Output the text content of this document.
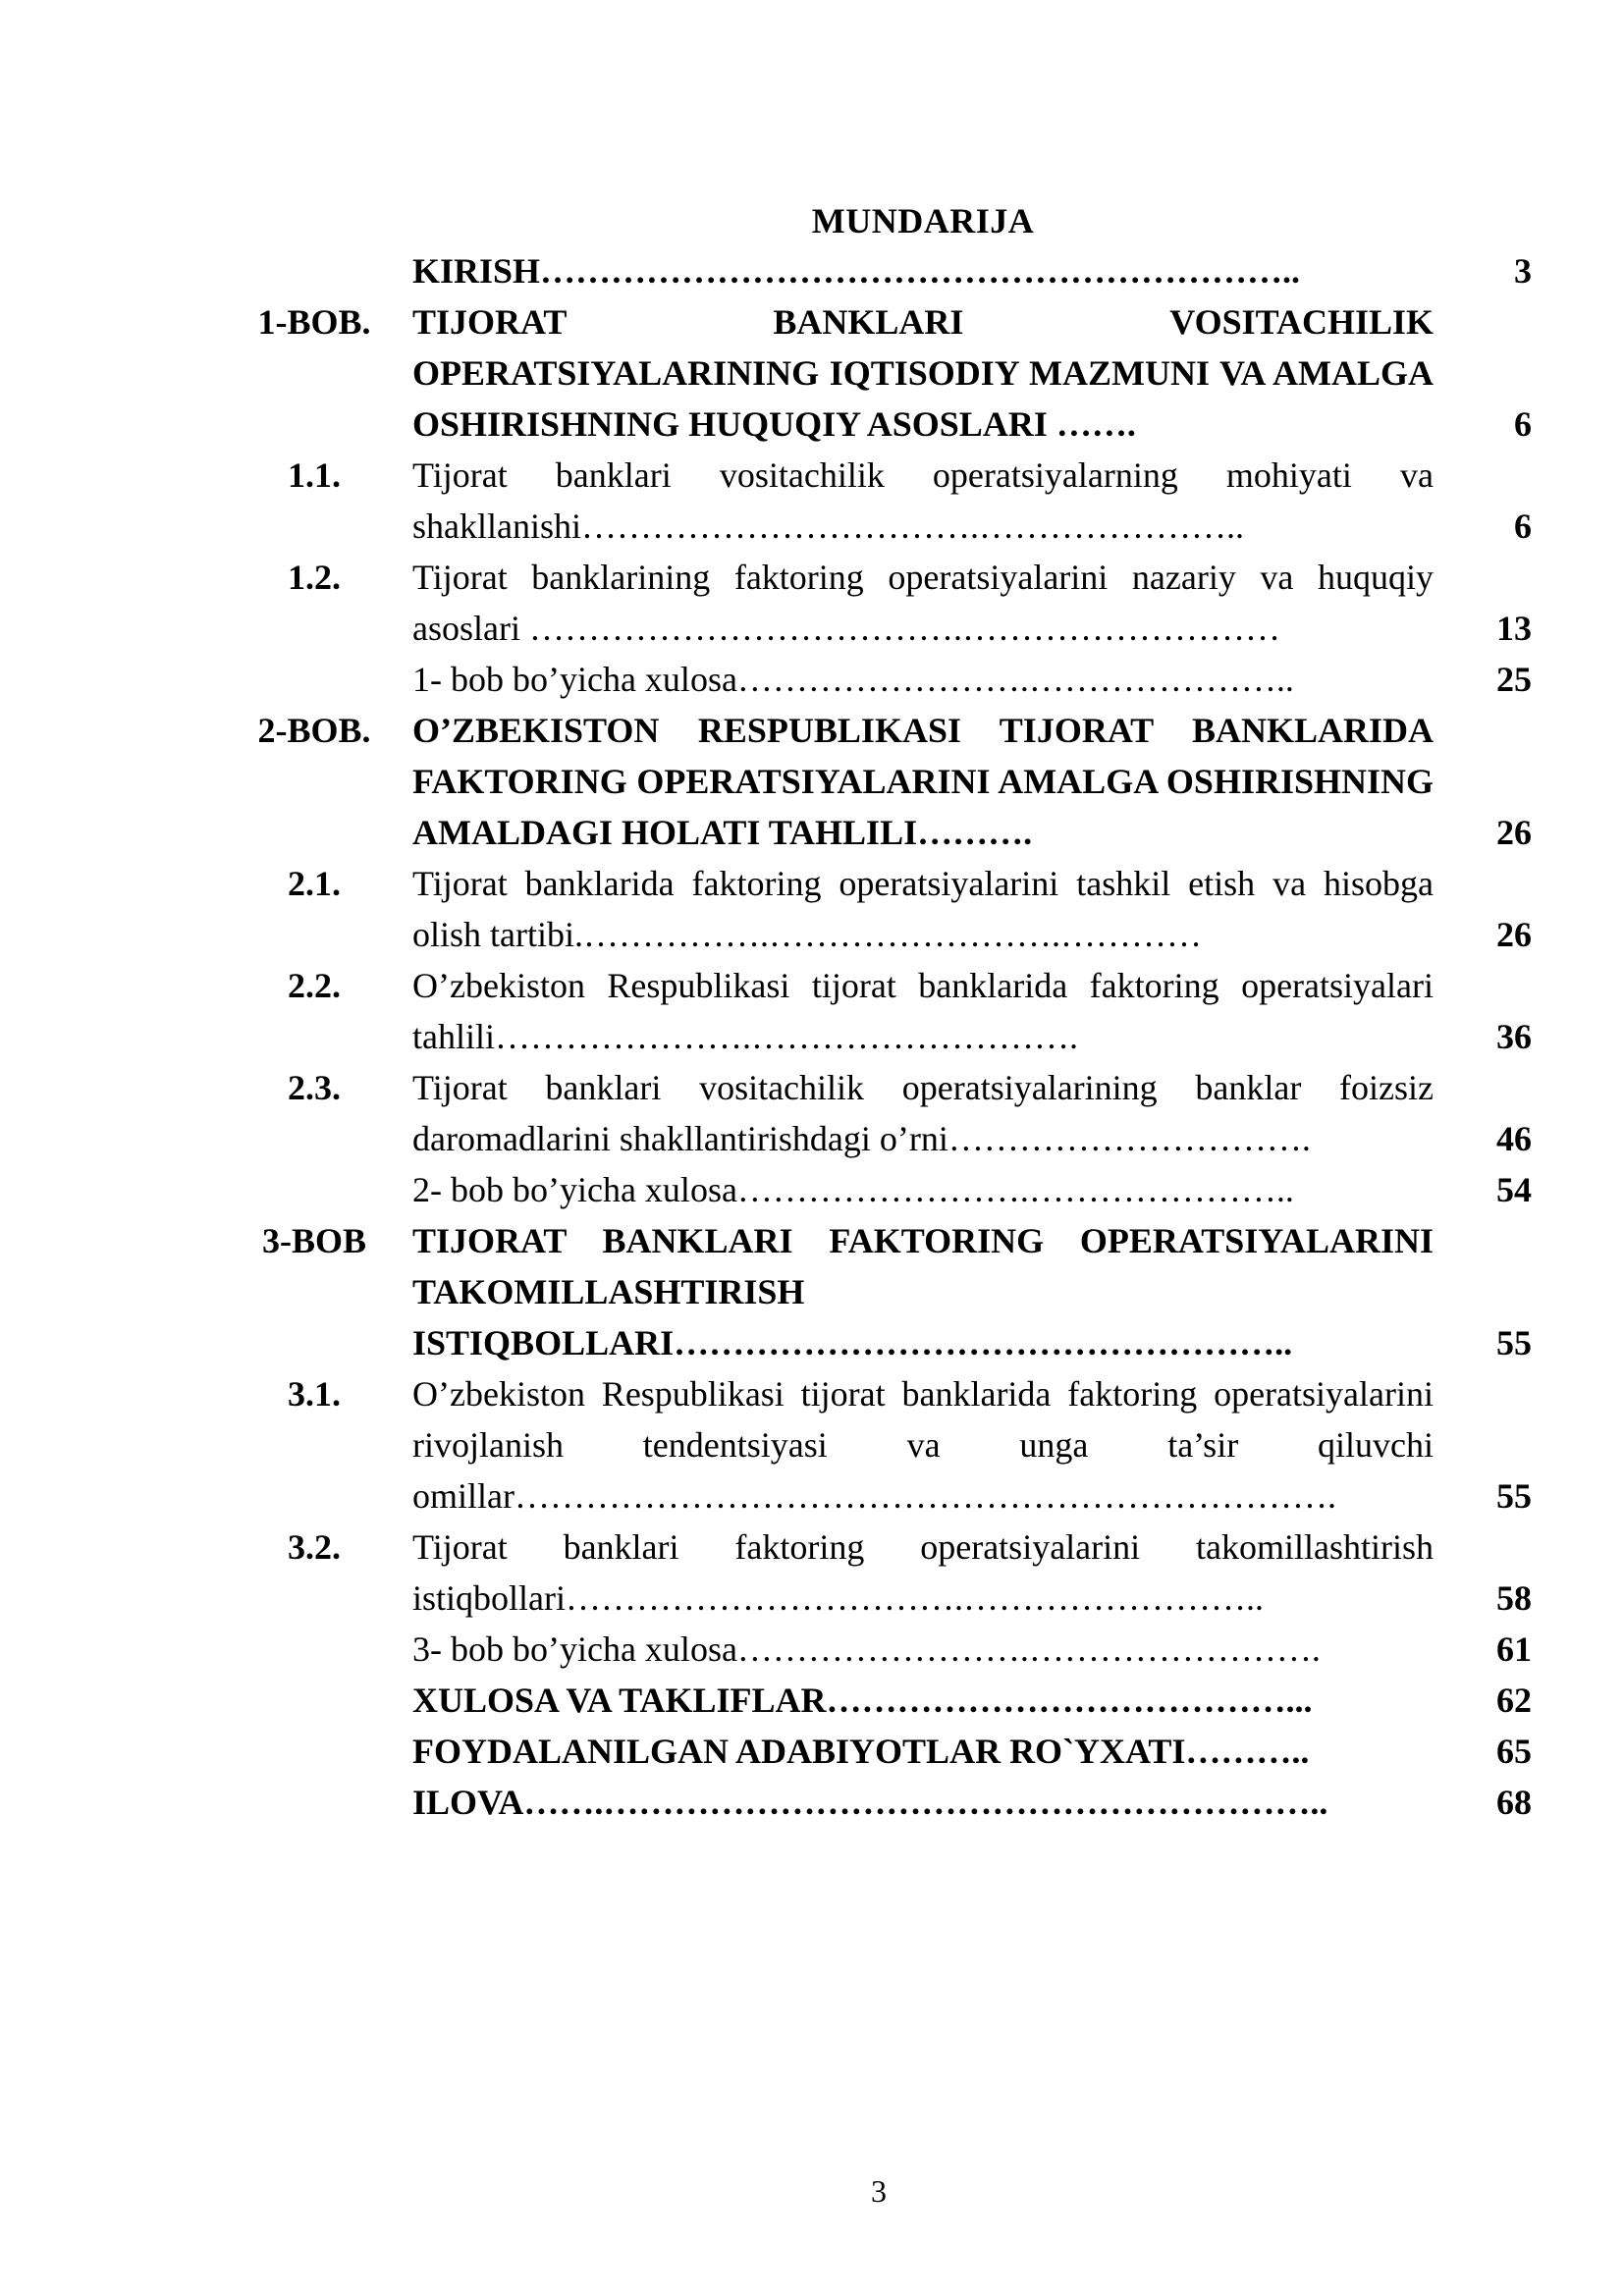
MUNDARIJA
KIRISH………………………………………………………..	3
1-BOB.	TIJORAT BANKLARI VOSITACHILIK OPERATSIYALARINING IQTISODIY MAZMUNI VA AMALGA OSHIRISHNING HUQUQIY ASOSLARI …….	6
1.1.	Tijorat banklari vositachilik operatsiyalarning mohiyati va shakllanishi…………………………….…………………..	6
1.2.	Tijorat banklarining faktoring operatsiyalarini nazariy va huquqiy asoslari ……………………………….………………………	13
1- bob bo’yicha xulosa…………………….…………………..	25
2-BOB.	O’ZBEKISTON RESPUBLIKASI TIJORAT BANKLARIDA FAKTORING OPERATSIYALARINI AMALGA OSHIRISHNING AMALDAGI HOLATI TAHLILI……….	26
2.1.	Tijorat banklarida faktoring operatsiyalarini tashkil etish va hisobga olish tartibi.…………….…………………….…………	26
2.2.	O’zbekiston Respublikasi tijorat banklarida faktoring operatsiyalari tahlili………………….……………………….	36
2.3.	Tijorat banklari vositachilik operatsiyalarining banklar foizsiz daromadlarini shakllantirishdagi o’rni………………………….	46
2- bob bo’yicha xulosa…………………….…………………..	54
3-BOB	TIJORAT BANKLARI FAKTORING OPERATSIYALARINI TAKOMILLASHTIRISH ISTIQBOLLARI……………………………………………..	55
3.1.	O’zbekiston Respublikasi tijorat banklarida faktoring operatsiyalarini rivojlanish tendentsiyasi va unga ta’sir qiluvchi omillar…………………………………………………………….	55
3.2.	Tijorat banklari faktoring operatsiyalarini takomillashtirish istiqbollari…………………………….……………………..	58
3- bob bo’yicha xulosa…………………….…………………….	61
XULOSA VA TAKLIFLAR…………………………………...	62
FOYDALANILGAN ADABIYOTLAR RO`YXATI………..	65
ILOVA…….……………………………………………………..	68
3
